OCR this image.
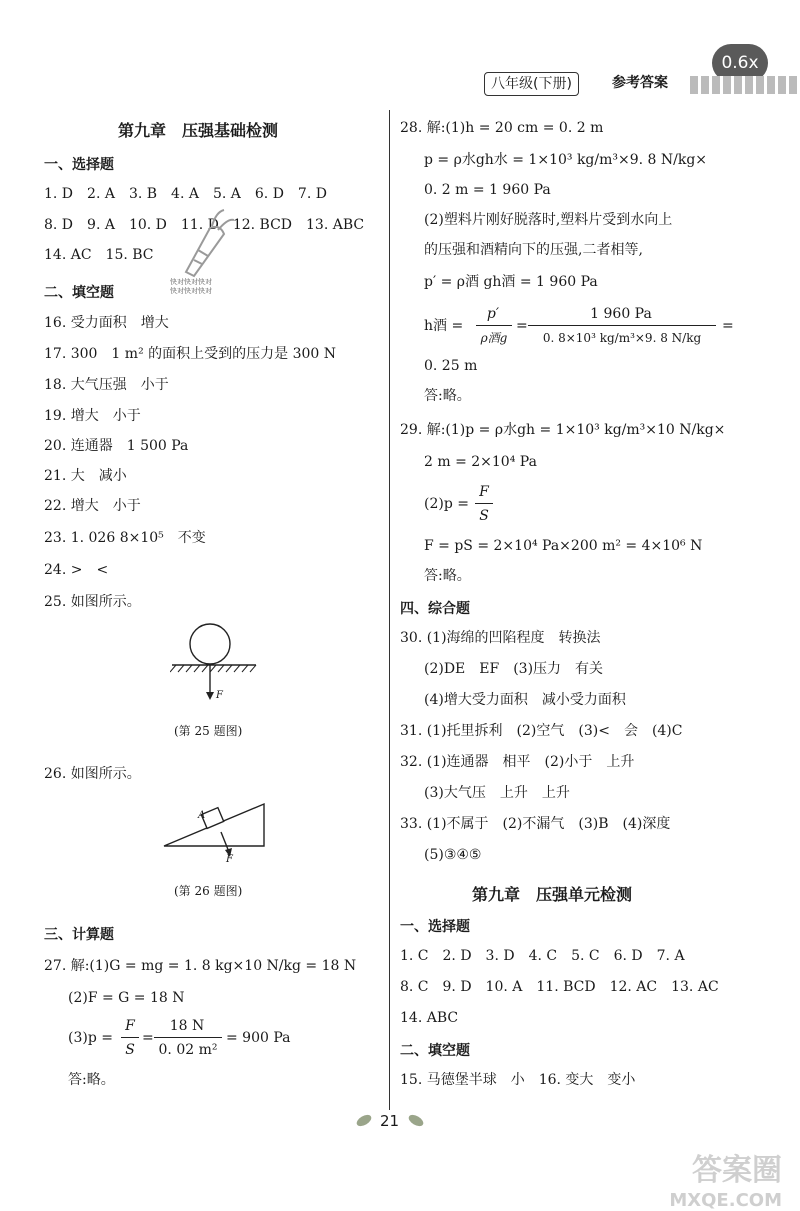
0.6x
八年级(下册)	参考答案
第九章　压强基础检测
一、选择题
1. D　2. A　3. B　4. A　5. A　6. D　7. D
8. D　9. A　10. D　11. D　12. BCD　13. ABC
14. AC　15. BC
快对快对快对
快对快对快对
二、填空题
16. 受力面积　增大
17. 300　1 m² 的面积上受到的压力是 300 N
18. 大气压强　小于
19. 增大　小于
20. 连通器　1 500 Pa
21. 大　减小
22. 增大　小于
23. 1. 026 8×10⁵　不变
24. >　<
25. 如图所示。
F
(第 25 题图)
26. 如图所示。
A
F
(第 26 题图)
三、计算题
27. 解:(1)G = mg = 1. 8 kg×10 N/kg = 18 N
(2)F = G = 18 N
(3)p =
F
S
=
18 N
0. 02 m²
= 900 Pa
答:略。
28. 解:(1)h = 20 cm = 0. 2 m
p = ρ水gh水 = 1×10³ kg/m³×9. 8 N/kg×
0. 2 m = 1 960 Pa
(2)塑料片刚好脱落时,塑料片受到水向上
的压强和酒精向下的压强,二者相等,
p′ = ρ酒 gh酒 = 1 960 Pa
h酒 =
p′
ρ酒g
=
1 960 Pa
0. 8×10³ kg/m³×9. 8 N/kg
=
0. 25 m
答:略。
29. 解:(1)p = ρ水gh = 1×10³ kg/m³×10 N/kg×
2 m = 2×10⁴ Pa
(2)p =
F
S
F = pS = 2×10⁴ Pa×200 m² = 4×10⁶ N
答:略。
四、综合题
30. (1)海绵的凹陷程度　转换法
(2)DE　EF　(3)压力　有关
(4)增大受力面积　减小受力面积
31. (1)托里拆利　(2)空气　(3)<　会　(4)C
32. (1)连通器　相平　(2)小于　上升
(3)大气压　上升　上升
33. (1)不属于　(2)不漏气　(3)B　(4)深度
(5)③④⑤
第九章　压强单元检测
一、选择题
1. C　2. D　3. D　4. C　5. C　6. D　7. A
8. C　9. D　10. A　11. BCD　12. AC　13. AC
14. ABC
二、填空题
15. 马德堡半球　小　16. 变大　变小
21
答案圈
MXQE.COM
